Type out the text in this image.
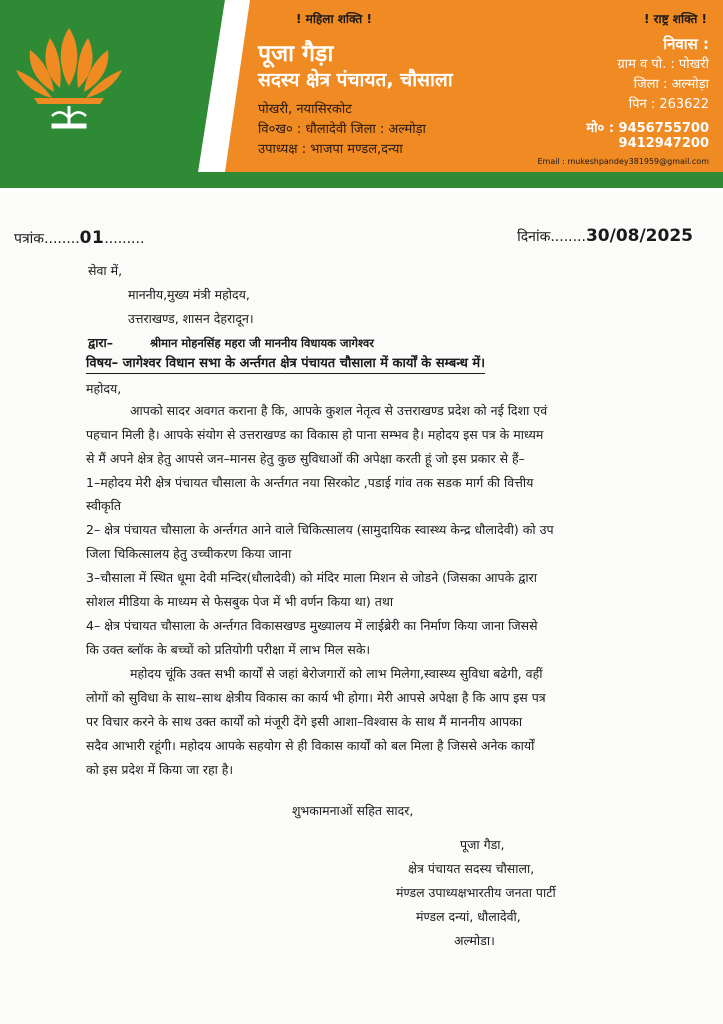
! महिला शक्ति !	! राष्ट्र शक्ति !
पूजा गैड़ा
सदस्य क्षेत्र पंचायत, चौसाला
पोखरी, नयासिरकोट
वि०ख० : धौलादेवी जिला : अल्मोड़ा
उपाध्यक्ष : भाजपा मण्डल,दन्या
निवास :
ग्राम व पो. : पोखरी
जिला : अल्मोड़ा
पिन : 263622
मो० : 9456755700
9412947200
Email : mukeshpandey381959@gmail.com
पत्रांक........01.........	दिनांक........30/08/2025
सेवा में,
माननीय,मुख्य मंत्री महोदय,
उत्तराखण्ड, शासन देहरादून।
द्वारा–	श्रीमान मोहनसिंह महरा जी माननीय विधायक जागेश्वर
विषय– जागेश्वर विधान सभा के अर्न्तगत क्षेत्र पंचायत चौसाला में कार्यों के सम्बन्ध में।
महोदय,
आपको सादर अवगत कराना है कि, आपके कुशल नेतृत्व से उत्तराखण्ड प्रदेश को नई दिशा एवं
पहचान मिली है। आपके संयोग से उत्तराखण्ड का विकास हो पाना सम्भव है। महोदय इस पत्र के माध्यम
से मैं अपने क्षेत्र हेतु आपसे जन–मानस हेतु कुछ सुविधाओं की अपेक्षा करती हूं जो इस प्रकार से हैं–
1–महोदय मेरी क्षेत्र पंचायत चौसाला के अर्न्तगत नया सिरकोट ,पडाई गांव तक सडक मार्ग की वित्तीय
स्वीकृति
2– क्षेत्र पंचायत चौसाला के अर्न्तगत आने वाले चिकित्सालय (सामुदायिक स्वास्थ्य केन्द्र धौलादेवी) को उप
जिला चिकित्सालय हेतु उच्चीकरण किया जाना
3–चौसाला में स्थित धूमा देवी मन्दिर(धौलादेवी) को मंदिर माला मिशन से जोडने (जिसका आपके द्वारा
सोशल मीडिया के माध्यम से फेसबुक पेज में भी वर्णन किया था) तथा
4– क्षेत्र पंचायत चौसाला के अर्न्तगत विकासखण्ड मुख्यालय में लाईब्रेरी का निर्माण किया जाना जिससे
कि उक्त ब्लॉक के बच्चों को प्रतियोगी परीक्षा में लाभ मिल सके।
महोदय चूंकि उक्त सभी कार्यों से जहां बेरोजगारों को लाभ मिलेगा,स्वास्थ्य सुविधा बढेगी, वहीं
लोगों को सुविधा के साथ–साथ क्षेत्रीय विकास का कार्य भी होगा। मेरी आपसे अपेक्षा है कि आप इस पत्र
पर विचार करने के साथ उक्त कार्यों को मंजूरी देंगे इसी आशा–विश्वास के साथ मैं माननीय आपका
सदैव आभारी रहूंगी। महोदय आपके सहयोग से ही विकास कार्यों को बल मिला है जिससे अनेक कार्यों
को इस प्रदेश में किया जा रहा है।
शुभकामनाओं सहित सादर,
पूजा गैडा,
क्षेत्र पंचायत सदस्य चौसाला,
मंण्डल उपाध्यक्षभारतीय जनता पार्टी
मंण्डल दन्यां, धौलादेवी,
अल्मोडा।
